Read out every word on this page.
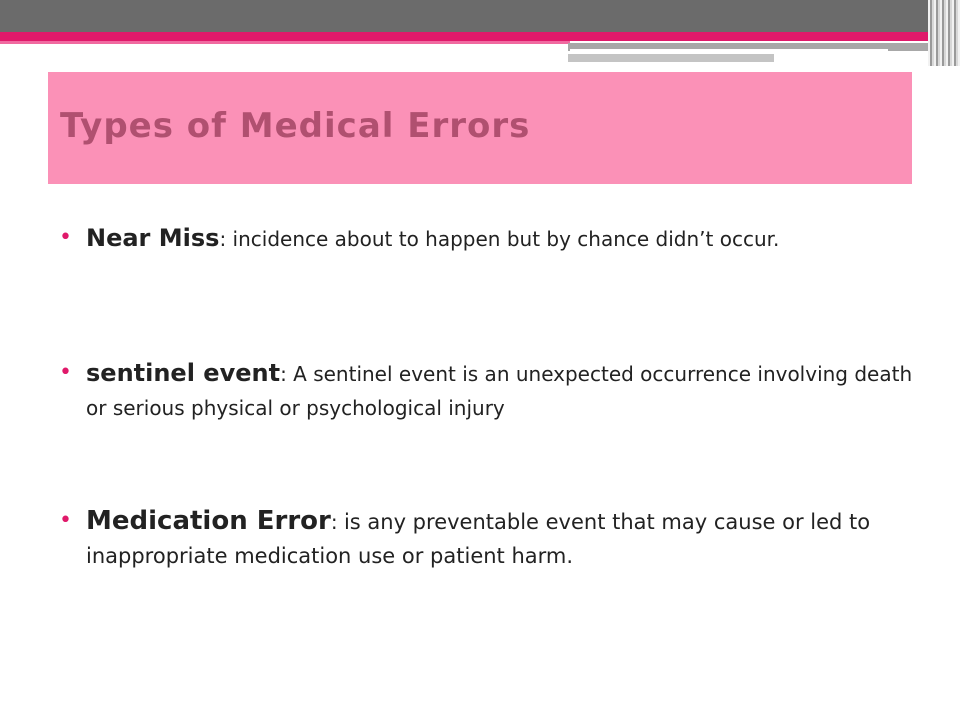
Types of Medical Errors
• Near Miss: incidence about to happen but by chance didn’t occur.
• sentinel event: A sentinel event is an unexpected occurrence involving death or serious physical or psychological injury
• Medication Error: is any preventable event that may cause or led to inappropriate medication use or patient harm.
